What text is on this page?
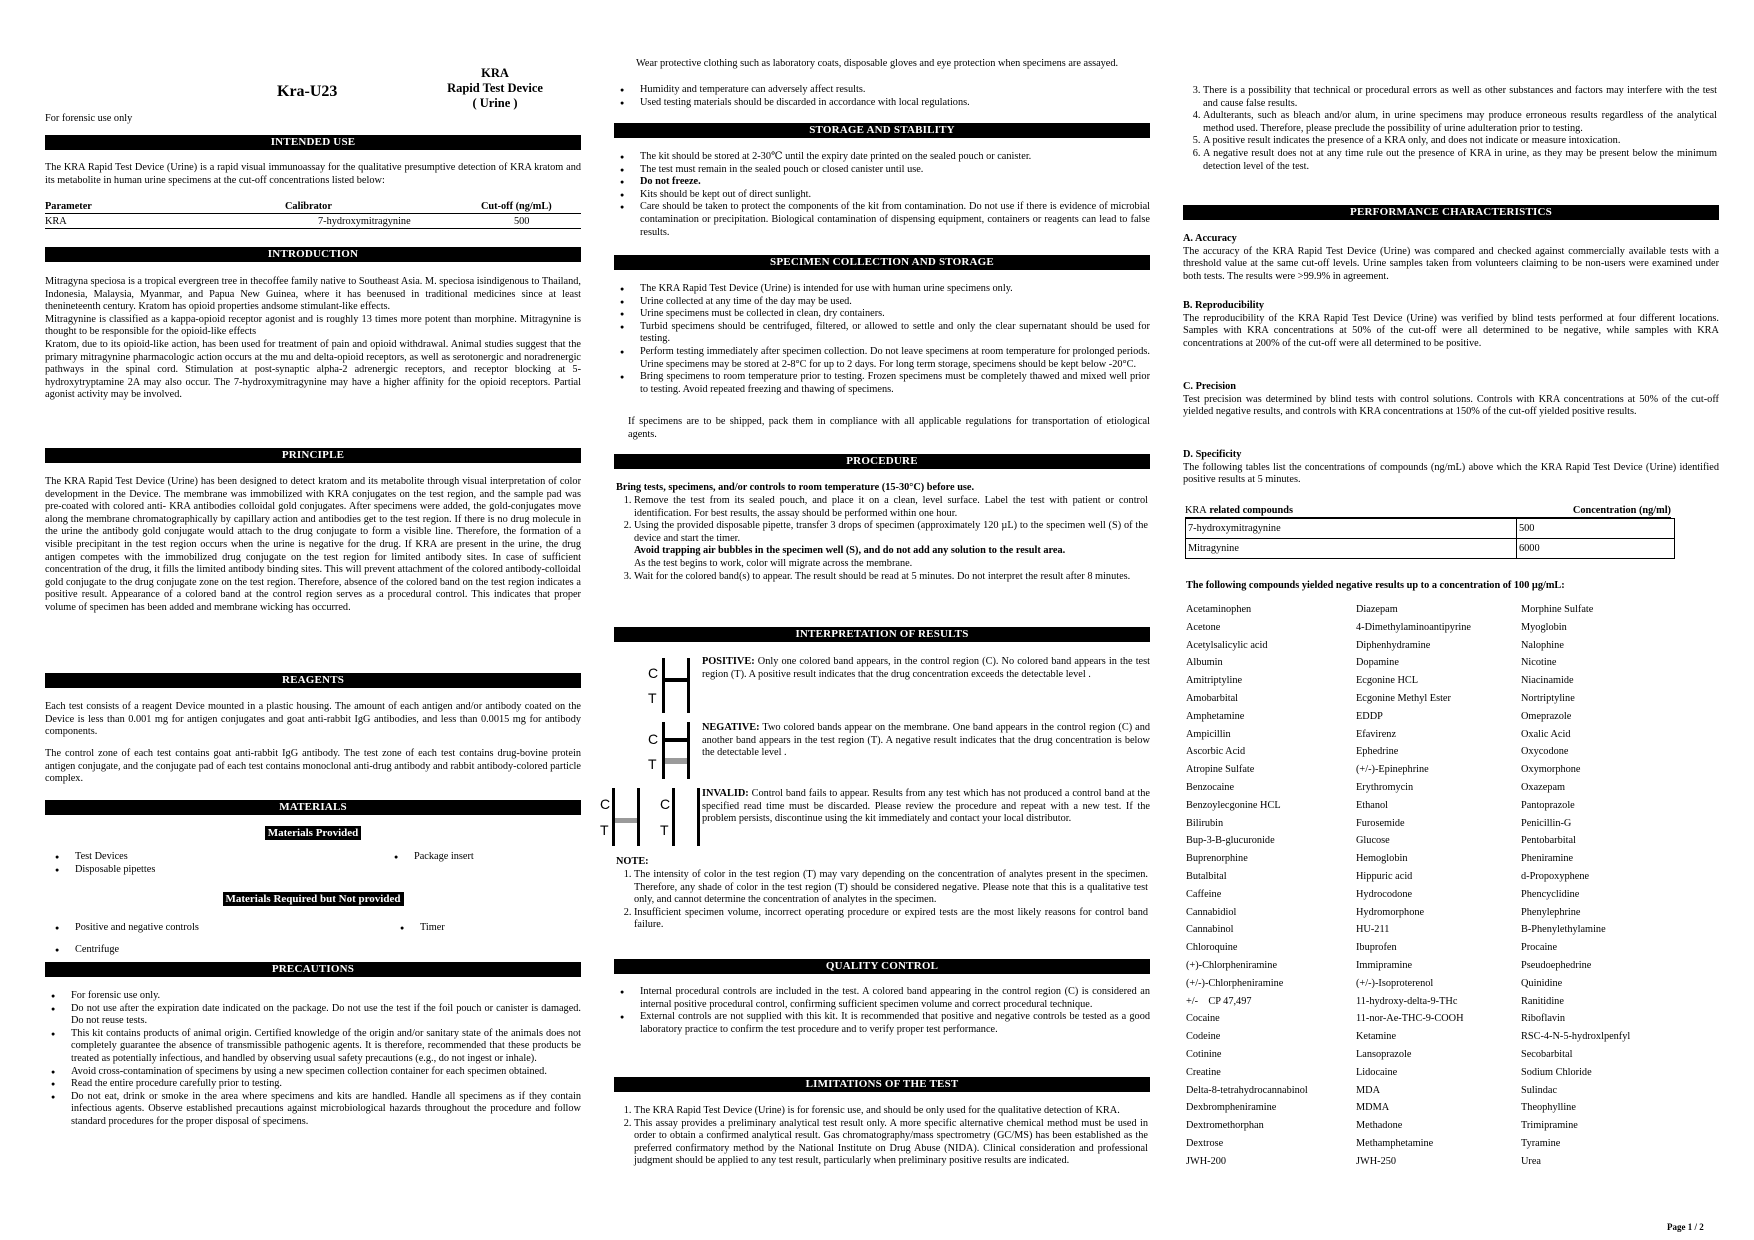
For forensic use only
Kra-U23
INTENDED USE

The KRA Rapid Test Device (Urine) is a rapid visual immunoassay for the qualitative presumptive detection of KRA kratom and its metabolite in human urine specimens at the cut-off concentrations listed below:

Parameter	Calibrator	Cut-off (ng/mL)
KRA	7-hydroxymitragynine	500
INTRODUCTION

Mitragyna speciosa is a tropical evergreen tree in thecoffee family native to Southeast Asia. M. speciosa isindigenous to Thailand, Indonesia, Malaysia, Myanmar, and Papua New Guinea, where it has beenused in traditional medicines since at least thenineteenth century. Kratom has opioid properties andsome stimulant-like effects.

Mitragynine is classified as a kappa-opioid receptor agonist and is roughly 13 times more potent than morphine. Mitragynine is thought to be responsible for the opioid-like effects

Kratom, due to its opioid-like action, has been used for treatment of pain and opioid withdrawal. Animal studies suggest that the primary mitragynine pharmacologic action occurs at the mu and delta-opioid receptors, as well as serotonergic and noradrenergic pathways in the spinal cord. Stimulation at post-synaptic alpha-2 adrenergic receptors, and receptor blocking at 5-hydroxytryptamine 2A may also occur. The 7-hydroxymitragynine may have a higher affinity for the opioid receptors. Partial agonist activity may be involved.

PRINCIPLE

The KRA Rapid Test Device (Urine) has been designed to detect kratom and its metabolite through visual interpretation of color development in the Device. The membrane was immobilized with KRA conjugates on the test region, and the sample pad was pre-coated with colored anti- KRA antibodies colloidal gold conjugates. After specimens were added, the gold-conjugates move along the membrane chromatographically by capillary action and antibodies get to the test region. If there is no drug molecule in the urine the antibody gold conjugate would attach to the drug conjugate to form a visible line. Therefore, the formation of a visible precipitant in the test region occurs when the urine is negative for the drug. If KRA are present in the urine, the drug antigen competes with the immobilized drug conjugate on the test region for limited antibody sites. In case of sufficient concentration of the drug, it fills the limited antibody binding sites. This will prevent attachment of the colored antibody-colloidal gold conjugate to the drug conjugate zone on the test region. Therefore, absence of the colored band on the test region indicates a positive result. Appearance of a colored band at the control region serves as a procedural control. This indicates that proper volume of specimen has been added and membrane wicking has occurred.

REAGENTS

Each test consists of a reagent Device mounted in a plastic housing. The amount of each antigen and/or antibody coated on the Device is less than 0.001 mg for antigen conjugates and goat anti-rabbit IgG antibodies, and less than 0.0015 mg for antibody components.

The control zone of each test contains goat anti-rabbit IgG antibody. The test zone of each test contains drug-bovine protein antigen conjugate, and the conjugate pad of each test contains monoclonal anti-drug antibody and rabbit antibody-colored particle complex.

MATERIALS
Materials Provided
● Test Devices
● Disposable pipettes
● Package insert
Materials Required but Not provided
● Positive and negative controls
● Centrifuge
● Timer
PRECAUTIONS
● For forensic use only.
● Do not use after the expiration date indicated on the package. Do not use the test if the foil pouch or canister is damaged. Do not reuse tests.
● This kit contains products of animal origin. Certified knowledge of the origin and/or sanitary state of the animals does not completely guarantee the absence of transmissible pathogenic agents. It is therefore, recommended that these products be treated as potentially infectious, and handled by observing usual safety precautions (e.g., do not ingest or inhale).
● Avoid cross-contamination of specimens by using a new specimen collection container for each specimen obtained.
● Read the entire procedure carefully prior to testing.
● Do not eat, drink or smoke in the area where specimens and kits are handled. Handle all specimens as if they contain infectious agents. Observe established precautions against microbiological hazards throughout the procedure and follow standard procedures for the proper disposal of specimens.
KRA
Rapid Test Device
( Urine )

Wear protective clothing such as laboratory coats, disposable gloves and eye protection when specimens are assayed.

● Humidity and temperature can adversely affect results.
● Used testing materials should be discarded in accordance with local regulations.
STORAGE AND STABILITY
● The kit should be stored at 2-30℃ until the expiry date printed on the sealed pouch or canister.
● The test must remain in the sealed pouch or closed canister until use.
● Do not freeze.
● Kits should be kept out of direct sunlight.
● Care should be taken to protect the components of the kit from contamination. Do not use if there is evidence of microbial contamination or precipitation. Biological contamination of dispensing equipment, containers or reagents can lead to false results.
SPECIMEN COLLECTION AND STORAGE
● The KRA Rapid Test Device (Urine) is intended for use with human urine specimens only.
● Urine collected at any time of the day may be used.
● Urine specimens must be collected in clean, dry containers.
● Turbid specimens should be centrifuged, filtered, or allowed to settle and only the clear supernatant should be used for testing.
● Perform testing immediately after specimen collection. Do not leave specimens at room temperature for prolonged periods. Urine specimens may be stored at 2-8°C for up to 2 days. For long term storage, specimens should be kept below -20°C.
● Bring specimens to room temperature prior to testing. Frozen specimens must be completely thawed and mixed well prior to testing. Avoid repeated freezing and thawing of specimens.

If specimens are to be shipped, pack them in compliance with all applicable regulations for transportation of etiological agents.

PROCEDURE

Bring tests, specimens, and/or controls to room temperature (15-30°C) before use.

1. Remove the test from its sealed pouch, and place it on a clean, level surface. Label the test with patient or control identification. For best results, the assay should be performed within one hour.
2. Using the provided disposable pipette, transfer 3 drops of specimen (approximately 120 µL) to the specimen well (S) of the device and start the timer.
Avoid trapping air bubbles in the specimen well (S), and do not add any solution to the result area.
As the test begins to work, color will migrate across the membrane.
3. Wait for the colored band(s) to appear. The result should be read at 5 minutes. Do not interpret the result after 8 minutes.
INTERPRETATION OF RESULTS
C
T

POSITIVE: Only one colored band appears, in the control region (C). No colored band appears in the test region (T). A positive result indicates that the drug concentration exceeds the detectable level .

C
T

NEGATIVE: Two colored bands appear on the membrane. One band appears in the control region (C) and another band appears in the test region (T). A negative result indicates that the drug concentration is below the detectable level .

C
T
C
T

INVALID: Control band fails to appear. Results from any test which has not produced a control band at the specified read time must be discarded. Please review the procedure and repeat with a new test. If the problem persists, discontinue using the kit immediately and contact your local distributor.

NOTE:
1. The intensity of color in the test region (T) may vary depending on the concentration of analytes present in the specimen. Therefore, any shade of color in the test region (T) should be considered negative. Please note that this is a qualitative test only, and cannot determine the concentration of analytes in the specimen.
2. Insufficient specimen volume, incorrect operating procedure or expired tests are the most likely reasons for control band failure.
QUALITY CONTROL
● Internal procedural controls are included in the test. A colored band appearing in the control region (C) is considered an internal positive procedural control, confirming sufficient specimen volume and correct procedural technique.
● External controls are not supplied with this kit. It is recommended that positive and negative controls be tested as a good laboratory practice to confirm the test procedure and to verify proper test performance.
LIMITATIONS OF THE TEST
1. The KRA Rapid Test Device (Urine) is for forensic use, and should be only used for the qualitative detection of KRA.
2. This assay provides a preliminary analytical test result only. A more specific alternative chemical method must be used in order to obtain a confirmed analytical result. Gas chromatography/mass spectrometry (GC/MS) has been established as the preferred confirmatory method by the National Institute on Drug Abuse (NIDA). Clinical consideration and professional judgment should be applied to any test result, particularly when preliminary positive results are indicated.
3. There is a possibility that technical or procedural errors as well as other substances and factors may interfere with the test and cause false results.
4. Adulterants, such as bleach and/or alum, in urine specimens may produce erroneous results regardless of the analytical method used. Therefore, please preclude the possibility of urine adulteration prior to testing.
5. A positive result indicates the presence of a KRA only, and does not indicate or measure intoxication.
6. A negative result does not at any time rule out the presence of KRA in urine, as they may be present below the minimum detection level of the test.
PERFORMANCE CHARACTERISTICS

A. Accuracy

The accuracy of the KRA Rapid Test Device (Urine) was compared and checked against commercially available tests with a threshold value at the same cut-off levels. Urine samples taken from volunteers claiming to be non-users were examined under both tests. The results were >99.9% in agreement.

B. Reproducibility

The reproducibility of the KRA Rapid Test Device (Urine) was verified by blind tests performed at four different locations. Samples with KRA concentrations at 50% of the cut-off were all determined to be negative, while samples with KRA concentrations at 200% of the cut-off were all determined to be positive.

C. Precision

Test precision was determined by blind tests with control solutions. Controls with KRA concentrations at 50% of the cut-off yielded negative results, and controls with KRA concentrations at 150% of the cut-off yielded positive results.

D. Specificity

The following tables list the concentrations of compounds (ng/mL) above which the KRA Rapid Test Device (Urine) identified positive results at 5 minutes.

KRA related compounds	Concentration (ng/ml)
7-hydroxymitragynine	500
Mitragynine	6000

The following compounds yielded negative results up to a concentration of 100 µg/mL:

Acetaminophen	Diazepam	Morphine Sulfate
Acetone	4-Dimethylaminoantipyrine	Myoglobin
Acetylsalicylic acid	Diphenhydramine	Nalophine
Albumin	Dopamine	Nicotine
Amitriptyline	Ecgonine HCL	Niacinamide
Amobarbital	Ecgonine Methyl Ester	Nortriptyline
Amphetamine	EDDP	Omeprazole
Ampicillin	Efavirenz	Oxalic Acid
Ascorbic Acid	Ephedrine	Oxycodone
Atropine Sulfate	(+/-)-Epinephrine	Oxymorphone
Benzocaine	Erythromycin	Oxazepam
Benzoylecgonine HCL	Ethanol	Pantoprazole
Bilirubin	Furosemide	Penicillin-G
Bup-3-B-glucuronide	Glucose	Pentobarbital
Buprenorphine	Hemoglobin	Pheniramine
Butalbital	Hippuric acid	d-Propoxyphene
Caffeine	Hydrocodone	Phencyclidine
Cannabidiol	Hydromorphone	Phenylephrine
Cannabinol	HU-211	B-Phenylethylamine
Chloroquine	Ibuprofen	Procaine
(+)-Chlorpheniramine	Immipramine	Pseudoephedrine
(+/-)-Chlorpheniramine	(+/-)-Isoproterenol	Quinidine
+/-    CP 47,497	11-hydroxy-delta-9-THc	Ranitidine
Cocaine	11-nor-Ae-THC-9-COOH	Riboflavin
Codeine	Ketamine	RSC-4-N-5-hydroxlpenfyl
Cotinine	Lansoprazole	Secobarbital
Creatine	Lidocaine	Sodium Chloride
Delta-8-tetrahydrocannabinol	MDA	Sulindac
Dexbrompheniramine	MDMA	Theophylline
Dextromethorphan	Methadone	Trimipramine
Dextrose	Methamphetamine	Tyramine
JWH-200	JWH-250	Urea
Page 1 / 2
